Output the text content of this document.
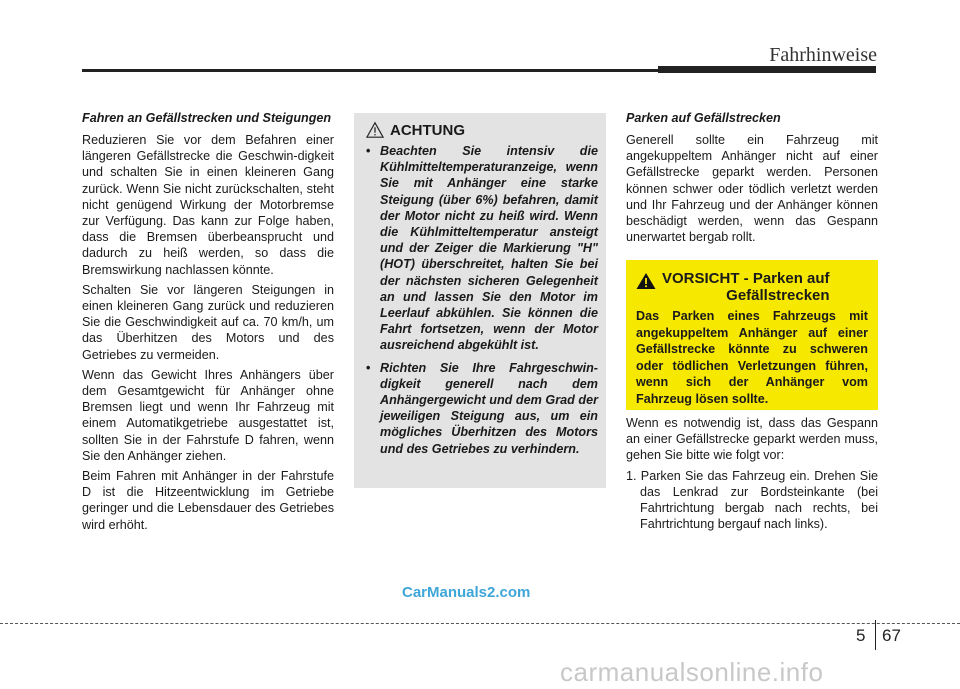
Fahrhinweise
Fahren an Gefällstrecken und Steigungen

Reduzieren Sie vor dem Befahren einer längeren Gefällstrecke die Geschwin-digkeit und schalten Sie in einen kleineren Gang zurück. Wenn Sie nicht zurückschalten, steht nicht genügend Wirkung der Motorbremse zur Verfügung. Das kann zur Folge haben, dass die Bremsen überbeansprucht und dadurch zu heiß werden, so dass die Bremswirkung nachlassen könnte.

Schalten Sie vor längeren Steigungen in einen kleineren Gang zurück und reduzieren Sie die Geschwindigkeit auf ca. 70 km/h, um das Überhitzen des Motors und des Getriebes zu vermeiden.

Wenn das Gewicht Ihres Anhängers über dem Gesamtgewicht für Anhänger ohne Bremsen liegt und wenn Ihr Fahrzeug mit einem Automatikgetriebe ausgestattet ist, sollten Sie in der Fahrstufe D fahren, wenn Sie den Anhänger ziehen.

Beim Fahren mit Anhänger in der Fahrstufe D ist die Hitzeentwicklung im Getriebe geringer und die Lebensdauer des Getriebes wird erhöht.

ACHTUNG
• Beachten Sie intensiv die Kühlmitteltemperaturanzeige, wenn Sie mit Anhänger eine starke Steigung (über 6%) befahren, damit der Motor nicht zu heiß wird. Wenn die Kühlmitteltemperatur ansteigt und der Zeiger die Markierung "H" (HOT) überschreitet, halten Sie bei der nächsten sicheren Gelegenheit an und lassen Sie den Motor im Leerlauf abkühlen. Sie können die Fahrt fortsetzen, wenn der Motor ausreichend abgekühlt ist.
• Richten Sie Ihre Fahrgeschwin-digkeit generell nach dem Anhängergewicht und dem Grad der jeweiligen Steigung aus, um ein mögliches Überhitzen des Motors und des Getriebes zu verhindern.
Parken auf Gefällstrecken

Generell sollte ein Fahrzeug mit angekuppeltem Anhänger nicht auf einer Gefällstrecke geparkt werden. Personen können schwer oder tödlich verletzt werden und Ihr Fahrzeug und der Anhänger können beschädigt werden, wenn das Gespann unerwartet bergab rollt.

Wenn es notwendig ist, dass das Gespann an einer Gefällstrecke geparkt werden muss, gehen Sie bitte wie folgt vor:

1. Parken Sie das Fahrzeug ein. Drehen Sie das Lenkrad zur Bordsteinkante (bei Fahrtrichtung bergab nach rechts, bei Fahrtrichtung bergauf nach links).

VORSICHT - Parken auf
Gefällstrecken
Das Parken eines Fahrzeugs mit angekuppeltem Anhänger auf einer Gefällstrecke könnte zu schweren oder tödlichen Verletzungen führen, wenn sich der Anhänger vom Fahrzeug lösen sollte.
CarManuals2.com
5 67
carmanualsonline.info
